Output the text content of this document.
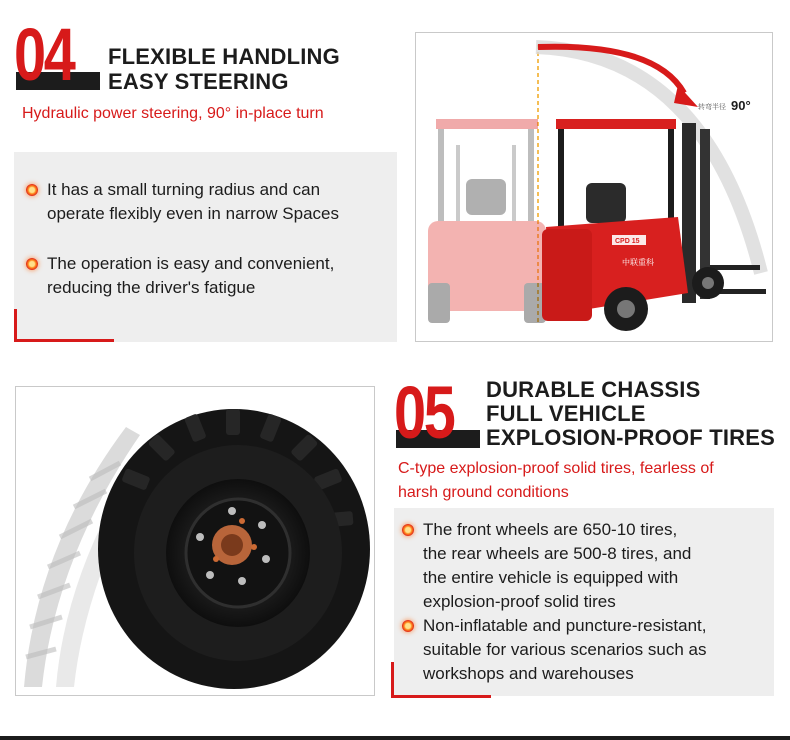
04 FLEXIBLE HANDLING
EASY STEERING
Hydraulic power steering, 90° in-place turn
It has a small turning radius and can
operate flexibly even in narrow Spaces
The operation is easy and convenient,
reducing the driver's fatigue
转弯半径 90°
CPD 15
中联重科
05 DURABLE CHASSIS
FULL VEHICLE
EXPLOSION-PROOF TIRES
C-type explosion-proof solid tires, fearless of
harsh ground conditions
The front wheels are 650-10 tires,
the rear wheels are 500-8 tires, and
the entire vehicle is equipped with
explosion-proof solid tires
Non-inflatable and puncture-resistant,
suitable for various scenarios such as
workshops and warehouses
